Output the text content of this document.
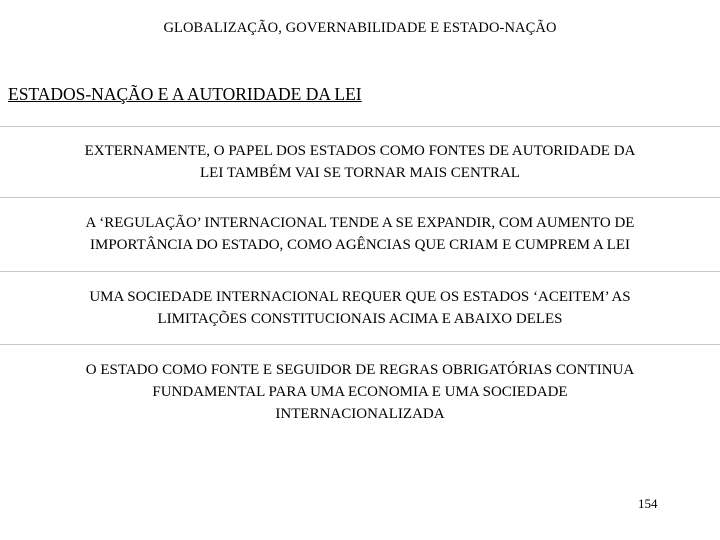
GLOBALIZAÇÃO, GOVERNABILIDADE E ESTADO-NAÇÃO
ESTADOS-NAÇÃO E A AUTORIDADE DA LEI
EXTERNAMENTE, O PAPEL DOS ESTADOS COMO FONTES DE AUTORIDADE DA
LEI TAMBÉM VAI SE TORNAR MAIS CENTRAL
A ‘REGULAÇÃO’ INTERNACIONAL TENDE A SE EXPANDIR, COM AUMENTO DE
IMPORTÂNCIA DO ESTADO, COMO AGÊNCIAS QUE CRIAM E CUMPREM A LEI
UMA SOCIEDADE INTERNACIONAL REQUER QUE OS ESTADOS ‘ACEITEM’ AS
LIMITAÇÕES CONSTITUCIONAIS ACIMA E ABAIXO DELES
O ESTADO COMO FONTE E SEGUIDOR DE REGRAS OBRIGATÓRIAS CONTINUA
FUNDAMENTAL PARA UMA ECONOMIA E UMA SOCIEDADE
INTERNACIONALIZADA
154
